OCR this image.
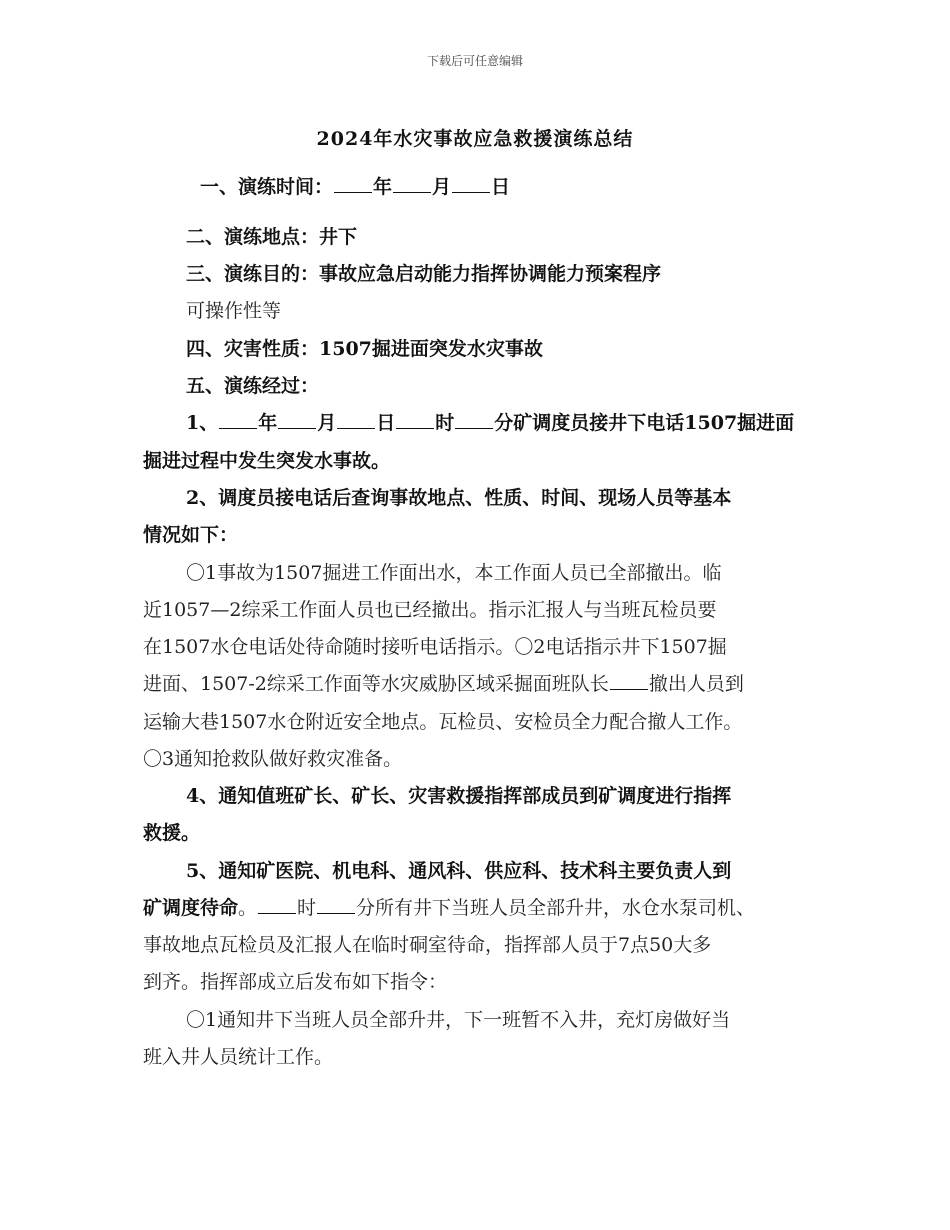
下载后可任意编辑
2024年水灾事故应急救援演练总结
一、演练时间： 年 月 日
二、演练地点：井下
三、演练目的：事故应急启动能力指挥协调能力预案程序
可操作性等
四、灾害性质：1507掘进面突发水灾事故
五、演练经过：
1、 年 月 日 时 分矿调度员接井下电话1507掘进面
掘进过程中发生突发水事故。
2、调度员接电话后查询事故地点、性质、时间、现场人员等基本
情况如下：
〇1事故为1507掘进工作面出水，本工作面人员已全部撤出。临
近1057—2综采工作面人员也已经撤出。指示汇报人与当班瓦检员要
在1507水仓电话处待命随时接听电话指示。〇2电话指示井下1507掘
进面、1507-2综采工作面等水灾威胁区域采掘面班队长 撤出人员到
运输大巷1507水仓附近安全地点。瓦检员、安检员全力配合撤人工作。
〇3通知抢救队做好救灾准备。
4、通知值班矿长、矿长、灾害救援指挥部成员到矿调度进行指挥
救援。
5、通知矿医院、机电科、通风科、供应科、技术科主要负责人到
矿调度待命。 时 分所有井下当班人员全部升井，水仓水泵司机、
事故地点瓦检员及汇报人在临时硐室待命，指挥部人员于7点50大多
到齐。指挥部成立后发布如下指令：
〇1通知井下当班人员全部升井，下一班暂不入井，充灯房做好当
班入井人员统计工作。
